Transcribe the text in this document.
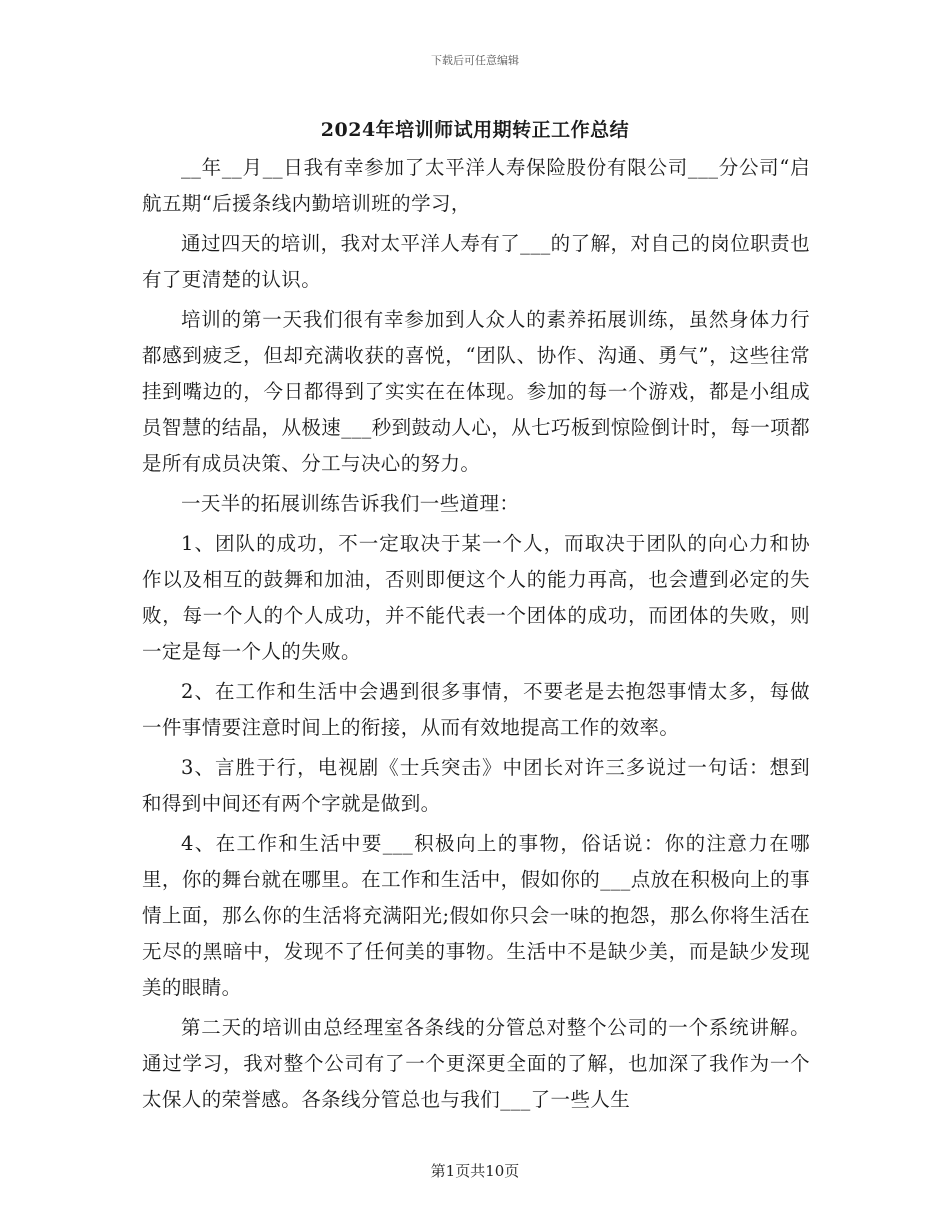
下载后可任意编辑
2024年培训师试用期转正工作总结

__年__月__日我有幸参加了太平洋人寿保险股份有限公司___分公司“启航五期“后援条线内勤培训班的学习，

通过四天的培训，我对太平洋人寿有了___的了解，对自己的岗位职责也有了更清楚的认识。

培训的第一天我们很有幸参加到人众人的素养拓展训练，虽然身体力行都感到疲乏，但却充满收获的喜悦，“团队、协作、沟通、勇气”，这些往常挂到嘴边的，今日都得到了实实在在体现。参加的每一个游戏，都是小组成员智慧的结晶，从极速___秒到鼓动人心，从七巧板到惊险倒计时，每一项都是所有成员决策、分工与决心的努力。

一天半的拓展训练告诉我们一些道理：

1、团队的成功，不一定取决于某一个人，而取决于团队的向心力和协作以及相互的鼓舞和加油，否则即便这个人的能力再高，也会遭到必定的失败，每一个人的个人成功，并不能代表一个团体的成功，而团体的失败，则一定是每一个人的失败。

2、在工作和生活中会遇到很多事情，不要老是去抱怨事情太多，每做一件事情要注意时间上的衔接，从而有效地提高工作的效率。

3、言胜于行，电视剧《士兵突击》中团长对许三多说过一句话：想到和得到中间还有两个字就是做到。

4、在工作和生活中要___积极向上的事物，俗话说：你的注意力在哪里，你的舞台就在哪里。在工作和生活中，假如你的___点放在积极向上的事情上面，那么你的生活将充满阳光;假如你只会一味的抱怨，那么你将生活在无尽的黑暗中，发现不了任何美的事物。生活中不是缺少美，而是缺少发现美的眼睛。

第二天的培训由总经理室各条线的分管总对整个公司的一个系统讲解。通过学习，我对整个公司有了一个更深更全面的了解，也加深了我作为一个太保人的荣誉感。各条线分管总也与我们___了一些人生

第1页共10页
